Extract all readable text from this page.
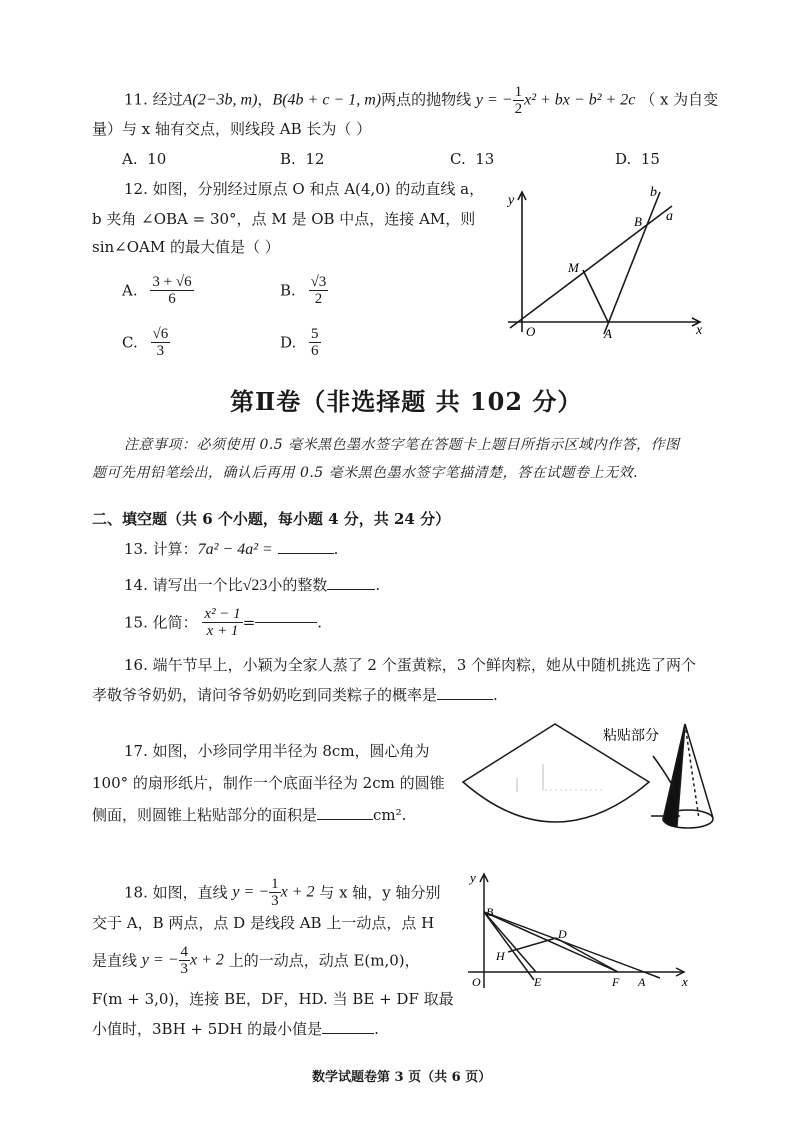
11. 经过A(2−3b, m)，B(4b + c − 1, m)两点的抛物线 y = − $\frac{1}{2} x^2$ + bx − b² + 2c （ x 为自变
量）与 x 轴有交点，则线段 AB 长为（ ）
A. 10	B. 12	C. 13	D. 15
12. 如图，分别经过原点 O 和点 A(4,0) 的动直线 a，
b 夹角 ∠OBA = 30°，点 M 是 OB 中点，连接 AM，则
sin∠OAM 的最大值是（ ）
A. $\frac{3 + √6}{6}$	B. $\frac{√3}{2}$
C. $\frac{√6}{3}$	D. $\frac{5}{6}$
y
x
O	A
B
M
a
b
第Ⅱ卷（非选择题 共 102 分）
注意事项：必须使用 0.5 毫米黑色墨水签字笔在答题卡上题目所指示区域内作答，作图
题可先用铅笔绘出，确认后再用 0.5 毫米黑色墨水签字笔描清楚，答在试题卷上无效.
二、填空题（共 6 个小题，每小题 4 分，共 24 分）
13. 计算：7a² − 4a² =	.
14. 请写出一个比√23小的整数	.
15. 化简： $\frac{\text{x² − 1}}{x + 1}$ =	.
16. 端午节早上，小颖为全家人蒸了 2 个蛋黄粽，3 个鲜肉粽，她从中随机挑选了两个
孝敬爷爷奶奶，请问爷爷奶奶吃到同类粽子的概率是	.
17. 如图，小珍同学用半径为 8cm，圆心角为
100° 的扇形纸片，制作一个底面半径为 2cm 的圆锥
侧面，则圆锥上粘贴部分的面积是	cm².
粘贴部分
18. 如图，直线 y = − $\frac{1}{3}$ x + 2 与 x 轴，y 轴分别
交于 A，B 两点，点 D 是线段 AB 上一动点，点 H
是直线 y = − $\frac{4}{3}$ x + 2 上的一动点，动点 E(m,0)，
F(m + 3,0)，连接 BE，DF，HD. 当 BE + DF 取最
小值时，3BH + 5DH 的最小值是	.
y
x
O
B
D
H
E	F A
数学试题卷第 3 页（共 6 页）
